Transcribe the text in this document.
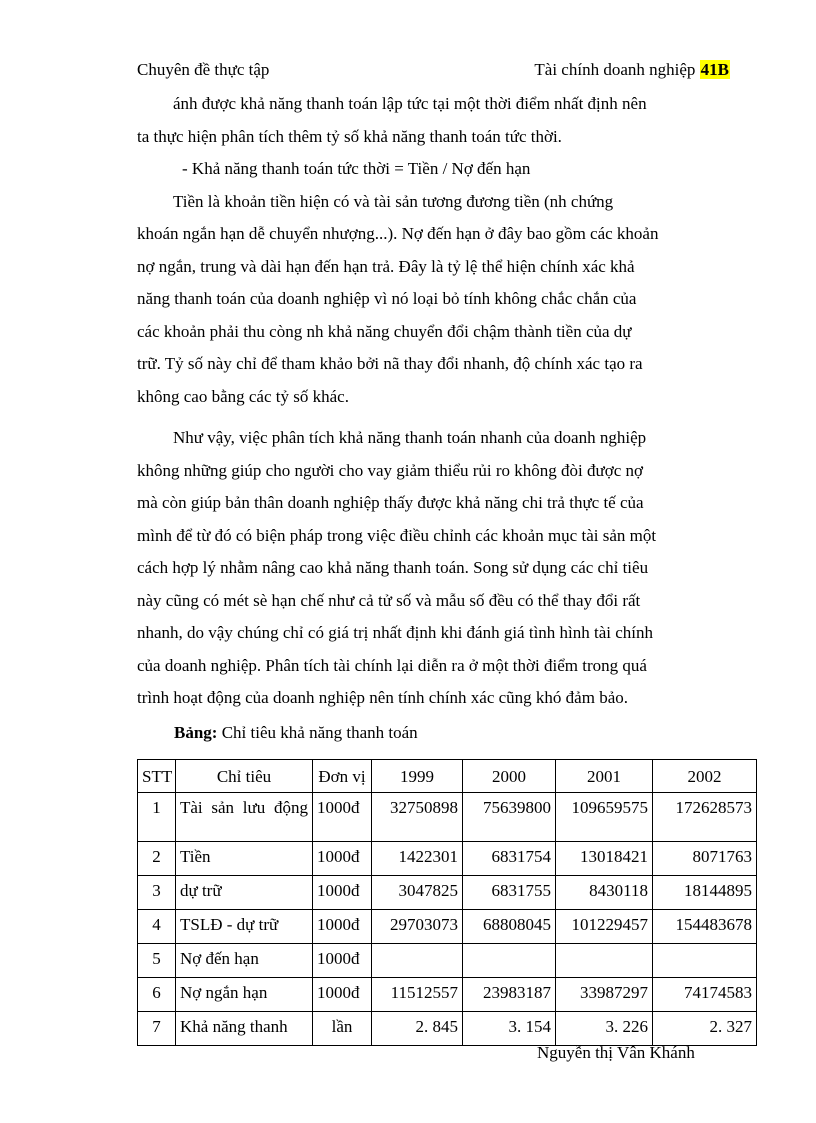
Chuyên đề thực tập	Tài chính doanh nghiệp 41B

ánh được khả năng thanh toán lập tức tại một thời điểm nhất định nên
ta thực hiện phân tích thêm tỷ số khả năng thanh toán tức thời.

- Khả năng thanh toán tức thời = Tiền / Nợ đến hạn

Tiền là khoản tiền hiện có và tài sản tương đương tiền (nh chứng
khoán ngắn hạn dễ chuyển nhượng...). Nợ đến hạn ở đây bao gồm các khoản
nợ ngắn, trung và dài hạn đến hạn trả. Đây là tỷ lệ thể hiện chính xác khả
năng thanh toán của doanh nghiệp vì nó loại bỏ tính không chắc chắn của
các khoản phải thu còng nh khả năng chuyển đổi chậm thành tiền của dự
trữ. Tỷ số này chỉ để tham khảo bởi nã thay đổi nhanh, độ chính xác tạo ra
không cao bằng các tỷ số khác.

Như vậy, việc phân tích khả năng thanh toán nhanh của doanh nghiệp
không những giúp cho người cho vay giảm thiểu rủi ro không đòi được nợ
mà còn giúp bản thân doanh nghiệp thấy được khả năng chi trả thực tế của
mình để từ đó có biện pháp trong việc điều chỉnh các khoản mục tài sản một
cách hợp lý nhằm nâng cao khả năng thanh toán. Song sử dụng các chỉ tiêu
này cũng có mét sè hạn chế như cả tử số và mẫu số đều có thể thay đổi rất
nhanh, do vậy chúng chỉ có giá trị nhất định khi đánh giá tình hình tài chính
của doanh nghiệp. Phân tích tài chính lại diễn ra ở một thời điểm trong quá
trình hoạt động của doanh nghiệp nên tính chính xác cũng khó đảm bảo.

Bảng: Chỉ tiêu khả năng thanh toán

STT	Chỉ tiêu	Đơn vị	1999	2000	2001	2002
1	Tài sản lưu động	1000đ	32750898	75639800	109659575	172628573
2	Tiền	1000đ	1422301	6831754	13018421	8071763
3	dự trữ	1000đ	3047825	6831755	8430118	18144895
4	TSLĐ - dự trữ	1000đ	29703073	68808045	101229457	154483678
5	Nợ đến hạn	1000đ				
6	Nợ ngắn hạn	1000đ	11512557	23983187	33987297	74174583
7	Khả năng thanh	lần	2. 845	3. 154	3. 226	2. 327
Nguyễn thị Vân Khánh
